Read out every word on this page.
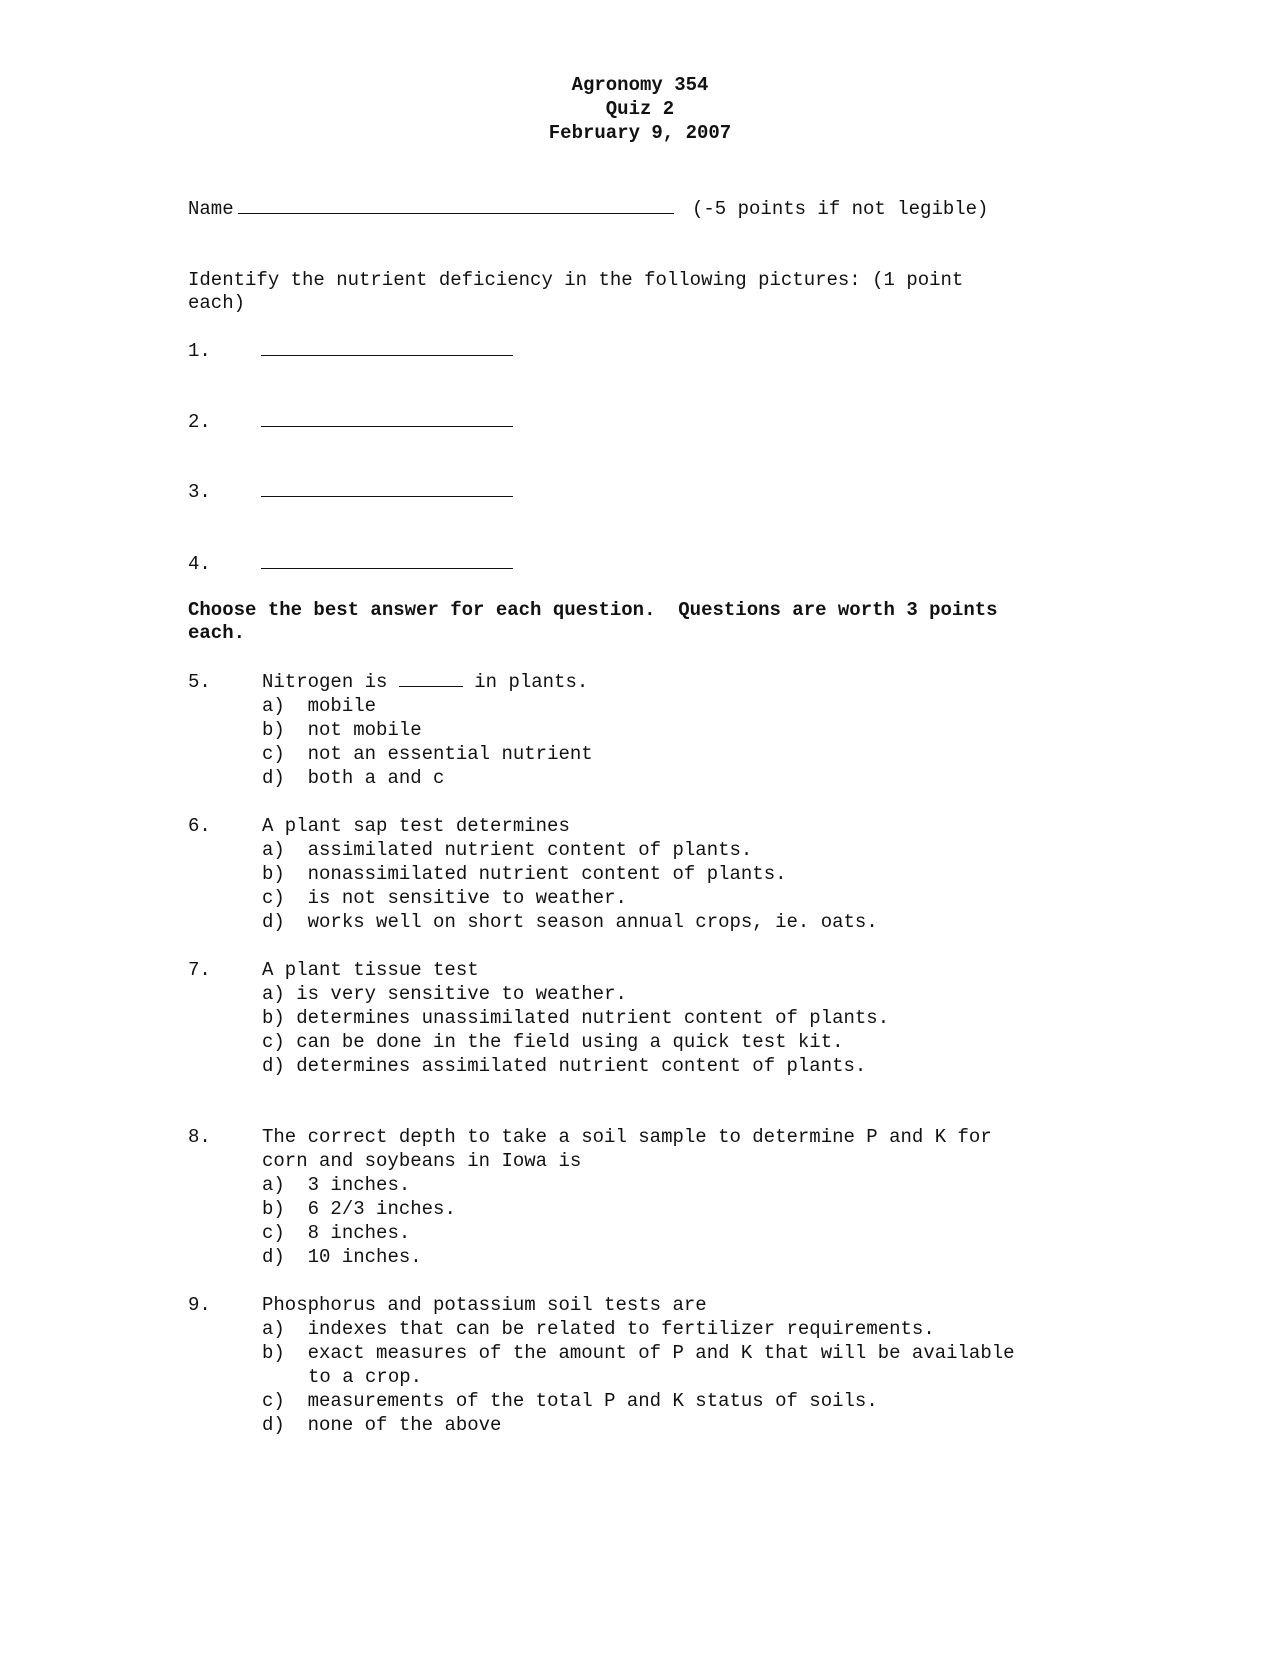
Agronomy 354
Quiz 2
February 9, 2007
Name	(-5 points if not legible)
Identify the nutrient deficiency in the following pictures: (1 point
each)
1.
2.
3.
4.
Choose the best answer for each question.  Questions are worth 3 points
each.
5.	Nitrogen is	in plants.
a) mobile
b) not mobile
c) not an essential nutrient
d) both a and c
6.	A plant sap test determines
a) assimilated nutrient content of plants.
b) nonassimilated nutrient content of plants.
c) is not sensitive to weather.
d) works well on short season annual crops, ie. oats.
7.	A plant tissue test
a) is very sensitive to weather.
b) determines unassimilated nutrient content of plants.
c) can be done in the field using a quick test kit.
d) determines assimilated nutrient content of plants.
8.	The correct depth to take a soil sample to determine P and K for
corn and soybeans in Iowa is
a) 3 inches.
b) 6 2/3 inches.
c) 8 inches.
d) 10 inches.
9.	Phosphorus and potassium soil tests are
a) indexes that can be related to fertilizer requirements.
b) exact measures of the amount of P and K that will be available
to a crop.
c) measurements of the total P and K status of soils.
d) none of the above
